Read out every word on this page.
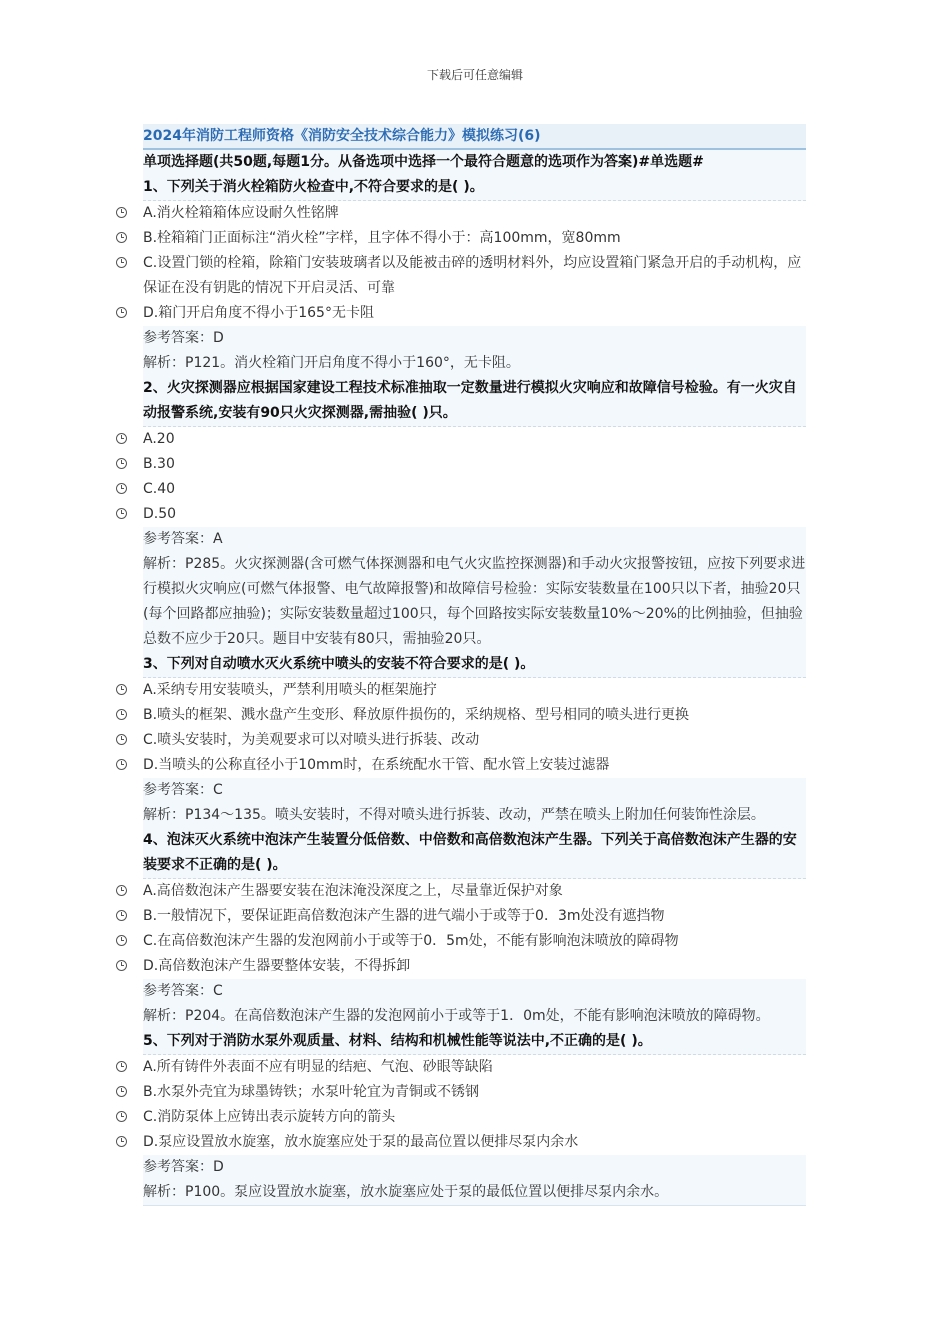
下载后可任意编辑
2024年消防工程师资格《消防安全技术综合能力》模拟练习(6)
单项选择题(共50题,每题1分。从备选项中选择一个最符合题意的选项作为答案)#单选题#
1、下列关于消火栓箱防火检查中,不符合要求的是( )。
A.消火栓箱箱体应设耐久性铭牌
B.栓箱箱门正面标注“消火栓”字样，且字体不得小于：高100mm，宽80mm
C.设置门锁的栓箱，除箱门安装玻璃者以及能被击碎的透明材料外，均应设置箱门紧急开启的手动机构，应保证在没有钥匙的情况下开启灵活、可靠
D.箱门开启角度不得小于165°无卡阻
参考答案：D
解析：P121。消火栓箱门开启角度不得小于160°，无卡阻。
2、火灾探测器应根据国家建设工程技术标准抽取一定数量进行模拟火灾响应和故障信号检验。有一火灾自动报警系统,安装有90只火灾探测器,需抽验( )只。
A.20
B.30
C.40
D.50
参考答案：A
解析：P285。火灾探测器(含可燃气体探测器和电气火灾监控探测器)和手动火灾报警按钮，应按下列要求进行模拟火灾响应(可燃气体报警、电气故障报警)和故障信号检验：实际安装数量在100只以下者，抽验20只(每个回路都应抽验)；实际安装数量超过100只，每个回路按实际安装数量10%～20%的比例抽验，但抽验总数不应少于20只。题目中安装有80只，需抽验20只。
3、下列对自动喷水灭火系统中喷头的安装不符合要求的是( )。
A.采纳专用安装喷头，严禁利用喷头的框架施拧
B.喷头的框架、溅水盘产生变形、释放原件损伤的，采纳规格、型号相同的喷头进行更换
C.喷头安装时，为美观要求可以对喷头进行拆装、改动
D.当喷头的公称直径小于10mm时，在系统配水干管、配水管上安装过滤器
参考答案：C
解析：P134～135。喷头安装时，不得对喷头进行拆装、改动，严禁在喷头上附加任何装饰性涂层。
4、泡沫灭火系统中泡沫产生装置分低倍数、中倍数和高倍数泡沫产生器。下列关于高倍数泡沫产生器的安装要求不正确的是( )。
A.高倍数泡沫产生器要安装在泡沫淹没深度之上，尽量靠近保护对象
B.一般情况下，要保证距高倍数泡沫产生器的进气端小于或等于0．3m处没有遮挡物
C.在高倍数泡沫产生器的发泡网前小于或等于0．5m处，不能有影响泡沫喷放的障碍物
D.高倍数泡沫产生器要整体安装，不得拆卸
参考答案：C
解析：P204。在高倍数泡沫产生器的发泡网前小于或等于1．0m处，不能有影响泡沫喷放的障碍物。
5、下列对于消防水泵外观质量、材料、结构和机械性能等说法中,不正确的是( )。
A.所有铸件外表面不应有明显的结疤、气泡、砂眼等缺陷
B.水泵外壳宜为球墨铸铁；水泵叶轮宜为青铜或不锈钢
C.消防泵体上应铸出表示旋转方向的箭头
D.泵应设置放水旋塞，放水旋塞应处于泵的最高位置以便排尽泵内余水
参考答案：D
解析：P100。泵应设置放水旋塞，放水旋塞应处于泵的最低位置以便排尽泵内余水。
